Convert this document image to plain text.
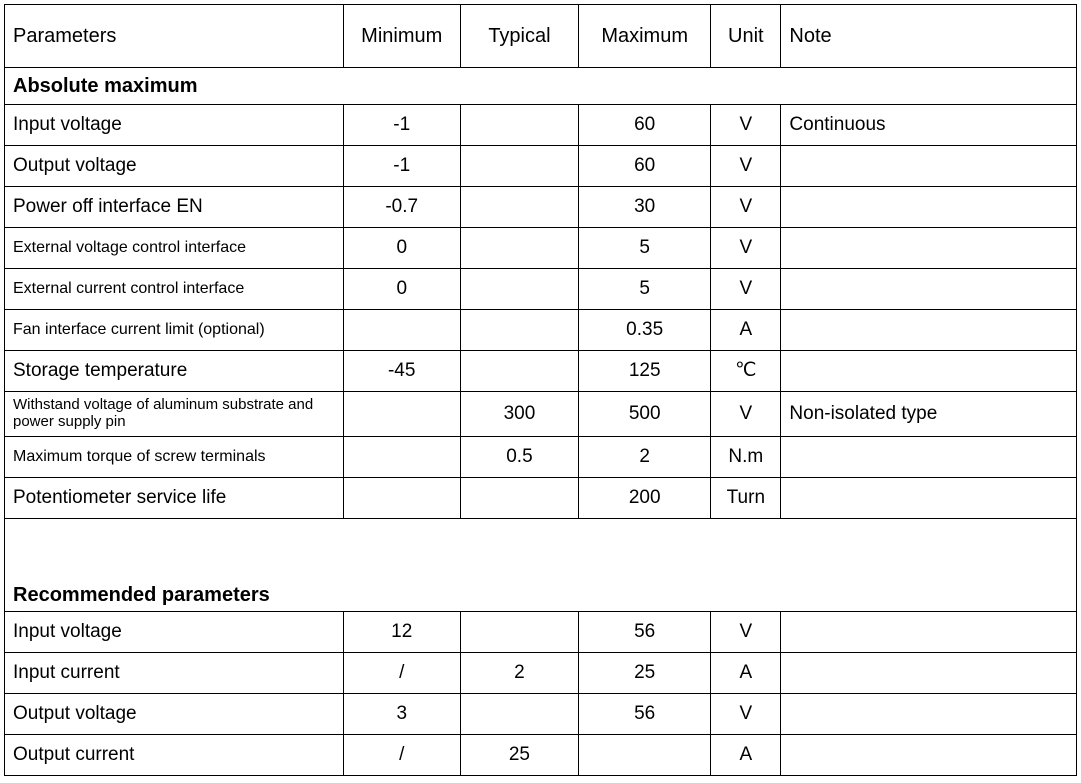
Parameters	Minimum	Typical	Maximum	Unit	Note
Absolute maximum					
Input voltage	-1		60	V	Continuous
Output voltage	-1		60	V	
Power off interface EN	-0.7		30	V	
External voltage control interface	0		5	V	
External current control interface	0		5	V	
Fan interface current limit (optional)			0.35	A	
Storage temperature	-45		125	℃	
Withstand voltage of aluminum substrate and power supply pin		300	500	V	Non-isolated type
Maximum torque of screw terminals		0.5	2	N.m	
Potentiometer service life			200	Turn	
Recommended parameters					
Input voltage	12		56	V	
Input current	/	2	25	A	
Output voltage	3		56	V	
Output current	/	25		A	
